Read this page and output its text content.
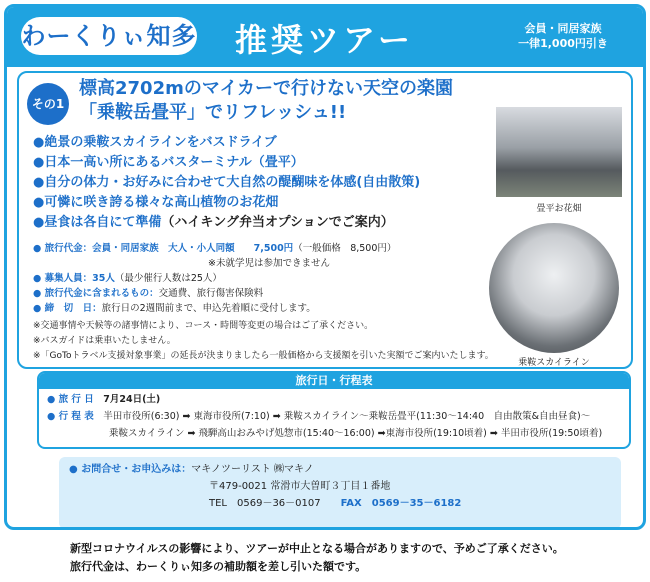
わーくりぃ知多 推奨ツアー	会員・同居家族
一律1,000円引き
その1
標高2702mのマイカーで行けない天空の楽園
「乗鞍岳畳平」でリフレッシュ!!
●絶景の乗鞍スカイラインをバスドライブ
●日本一高い所にあるバスターミナル（畳平）
●自分の体力・お好みに合わせて大自然の醍醐味を体感(自由散策)
●可憐に咲き誇る様々な高山植物のお花畑
●昼食は各自にて準備（ハイキング弁当オプションでご案内）
● 旅行代金：会員・同居家族　大人・小人同額　　 7,500円（一般価格　8,500円）
※未就学児は参加できません
● 募集人員：35人（最少催行人数は25人）
● 旅行代金に含まれるもの：交通費、旅行傷害保険料
● 締　切　日：旅行日の2週間前まで、申込先着順に受付します。
※交通事情や天候等の諸事情により、コース・時間等変更の場合はご了承ください。
※バスガイドは乗車いたしません。
※「GoToトラベル支援対象事業」の延長が決まりましたら一般価格から支援額を引いた実額でご案内いたします。
畳平お花畑
乗鞍スカイライン
旅行日・行程表
● 旅 行 日　 7月24日(土)
● 行 程 表　 半田市役所(6:30) ➡ 東海市役所(7:10) ➡ 乗鞍スカイライン～乗鞍岳畳平(11:30～14:40　自由散策&自由昼食)～
乗鞍スカイライン ➡ 飛騨高山おみやげ処惣市(15:40～16:00) ➡東海市役所(19:10頃着) ➡ 半田市役所(19:50頃着)
● お問合せ・お申込みは：マキノツーリスト ㈱マキノ
〒479-0021 常滑市大曽町３丁目１番地
TEL　0569－36－0107　　 FAX　0569－35－6182
新型コロナウイルスの影響により、ツアーが中止となる場合がありますので、予めご了承ください。
旅行代金は、わーくりぃ知多の補助額を差し引いた額です。
